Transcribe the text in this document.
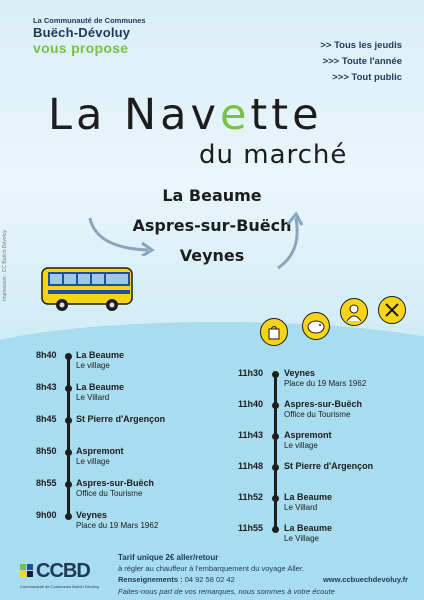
La Communauté de Communes
Buëch-Dévoluy
vous propose	>> Tous les jeudis
>>> Toute l'année
>>> Tout public
La Navette
du marché
La Beaume
Aspres-sur-Buëch
Veynes
Impression : CC Buëch Dévoluy
8h40 La Beaume
Le village
8h43 La Beaume
Le Villard
8h45 St Pierre d'Argençon
8h50 Aspremont
Le village
8h55 Aspres-sur-Buëch
Office du Tourisme
9h00 Veynes
Place du 19 Mars 1962
11h30 Veynes
Place du 19 Mars 1962
11h40 Aspres-sur-Buëch
Office du Tourisme
11h43 Aspremont
Le village
11h48 St Pierre d'Argençon
11h52 La Beaume
Le Villard
11h55 La Beaume
Le Village
Tarif unique 2€ aller/retour
à régler au chauffeur à l'embarquement du voyage Aller.
Renseignements : 04 92 58 02 42	www.ccbuechdevoluy.fr
Faites-nous part de vos remarques, nous sommes à votre écoute
CCBD
Communauté de Communes Buëch Dévoluy
